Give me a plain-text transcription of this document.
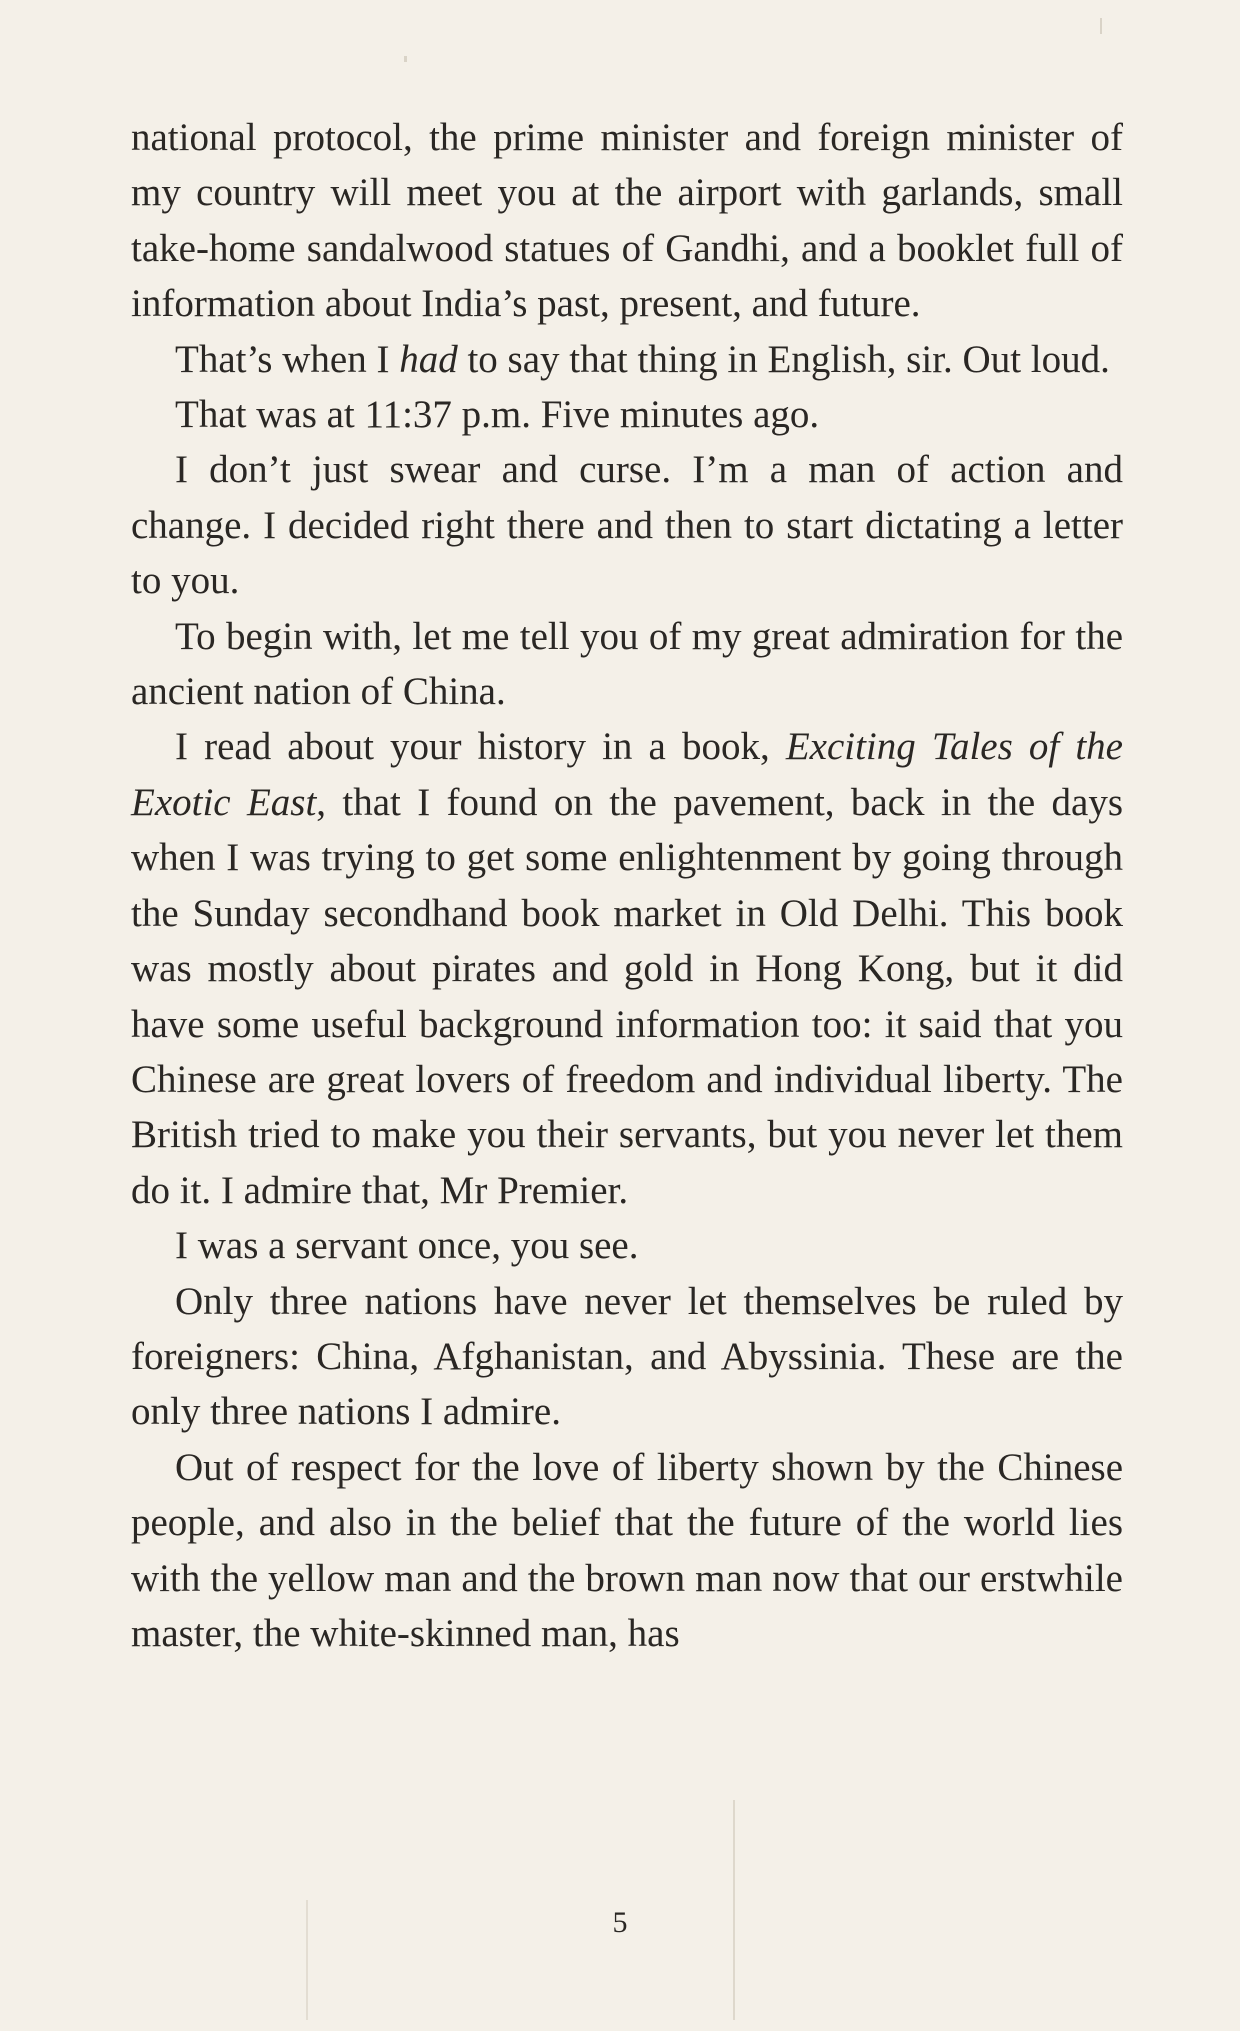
national protocol, the prime minister and foreign minister of my country will meet you at the airport with garlands, small take-home sandalwood statues of Gandhi, and a booklet full of information about India’s past, present, and future.

That’s when I had to say that thing in English, sir. Out loud.

That was at 11:37 p.m. Five minutes ago.

I don’t just swear and curse. I’m a man of action and change. I decided right there and then to start dictating a letter to you.

To begin with, let me tell you of my great admiration for the ancient nation of China.

I read about your history in a book, Exciting Tales of the Exotic East, that I found on the pavement, back in the days when I was trying to get some enlightenment by going through the Sunday secondhand book market in Old Delhi. This book was mostly about pirates and gold in Hong Kong, but it did have some useful background information too: it said that you Chinese are great lovers of freedom and individual liberty. The British tried to make you their servants, but you never let them do it. I admire that, Mr Premier.

I was a servant once, you see.

Only three nations have never let themselves be ruled by foreigners: China, Afghanistan, and Abyssinia. These are the only three nations I admire.

Out of respect for the love of liberty shown by the Chinese people, and also in the belief that the future of the world lies with the yellow man and the brown man now that our erstwhile master, the white-skinned man, has

5
